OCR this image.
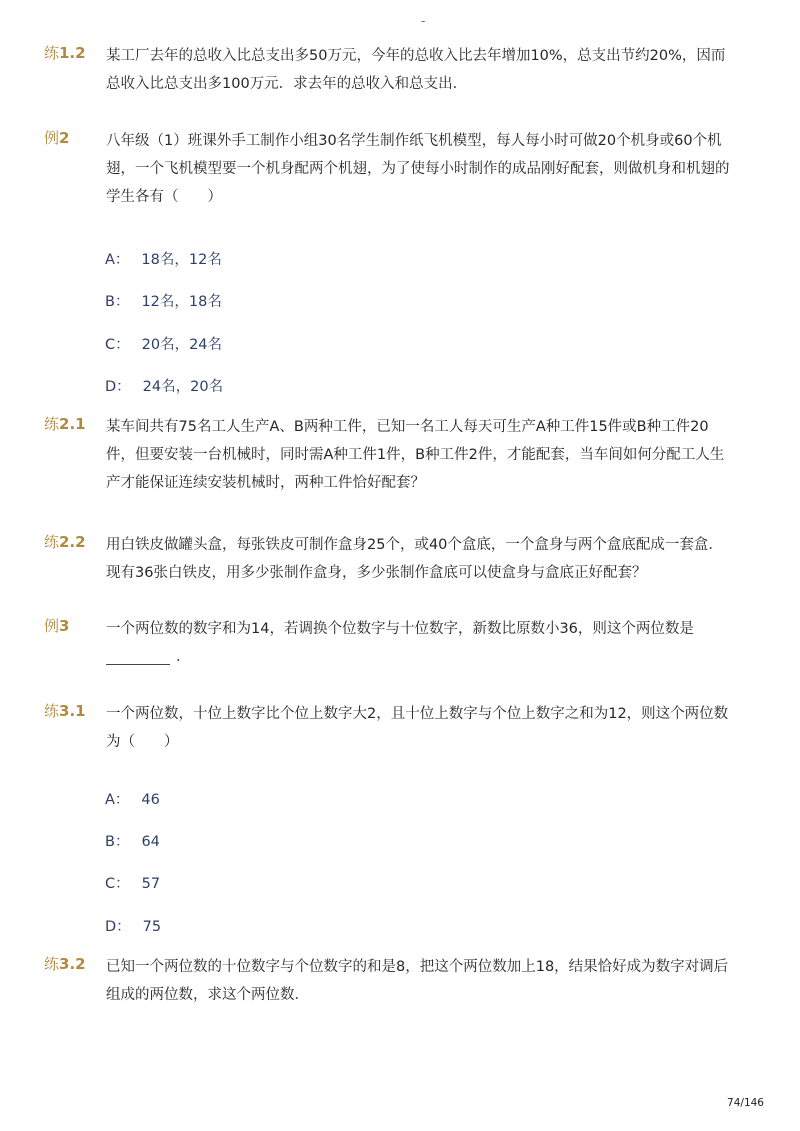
-
练1.2 某工厂去年的总收入比总支出多50万元，今年的总收入比去年增加10%，总支出节约20%，因而总收入比总支出多100万元．求去年的总收入和总支出．
例2	八年级（1）班课外手工制作小组30名学生制作纸飞机模型，每人每小时可做20个机身或60个机翅，一个飞机模型要一个机身配两个机翅，为了使每小时制作的成品刚好配套，则做机身和机翅的学生各有（　　）
A： 18名，12名
B： 12名，18名
C： 20名，24名
D： 24名，20名
练2.1 某车间共有75名工人生产A、B两种工件，已知一名工人每天可生产A种工件15件或B种工件20件，但要安装一台机械时，同时需A种工件1件，B种工件2件，才能配套，当车间如何分配工人生产才能保证连续安装机械时，两种工件恰好配套？
练2.2 用白铁皮做罐头盒，每张铁皮可制作盒身25个，或40个盒底，一个盒身与两个盒底配成一套盒．现有36张白铁皮，用多少张制作盒身，多少张制作盒底可以使盒身与盒底正好配套？
例3	一个两位数的数字和为14，若调换个位数字与十位数字，新数比原数小36，则这个两位数是
．
练3.1 一个两位数，十位上数字比个位上数字大2，且十位上数字与个位上数字之和为12，则这个两位数为（　　）
A： 46
B： 64
C： 57
D： 75
练3.2 已知一个两位数的十位数字与个位数字的和是8，把这个两位数加上18，结果恰好成为数字对调后组成的两位数，求这个两位数．
74/146
